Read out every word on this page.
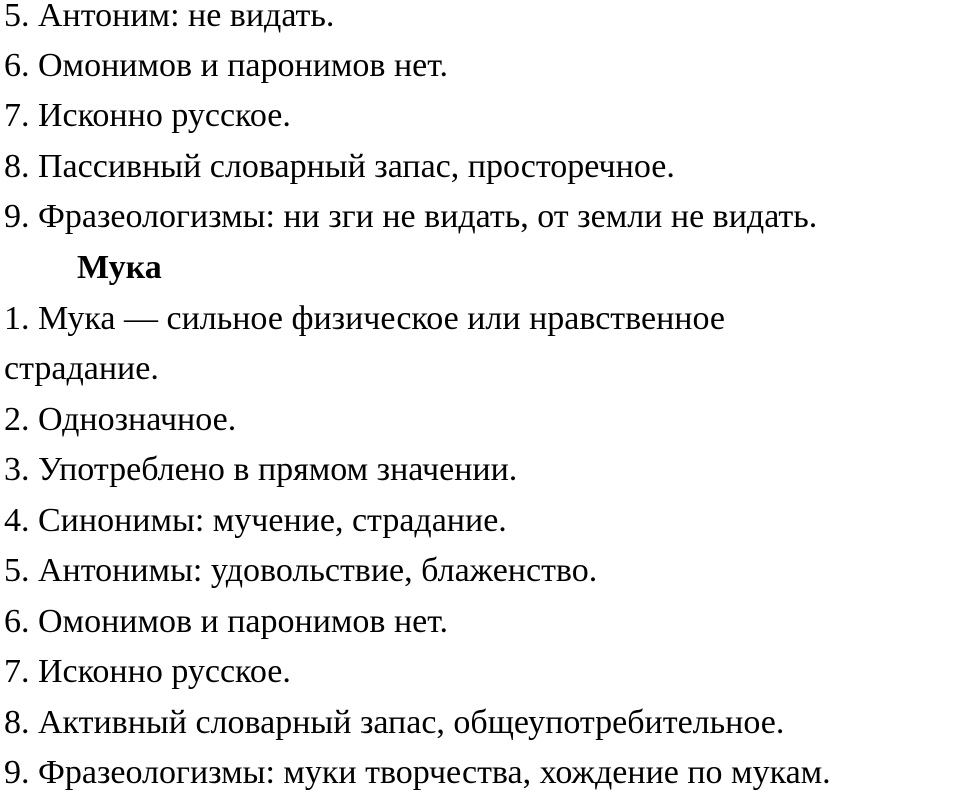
5. Антоним: не видать.
6. Омонимов и паронимов нет.
7. Исконно русское.
8. Пассивный словарный запас, просторечное.
9. Фразеологизмы: ни зги не видать, от земли не видать.
Мука
1. Мука — сильное физическое или нравственное
страдание.
2. Однозначное.
3. Употреблено в прямом значении.
4. Синонимы: мучение, страдание.
5. Антонимы: удовольствие, блаженство.
6. Омонимов и паронимов нет.
7. Исконно русское.
8. Активный словарный запас, общеупотребительное.
9. Фразеологизмы: муки творчества, хождение по мукам.
